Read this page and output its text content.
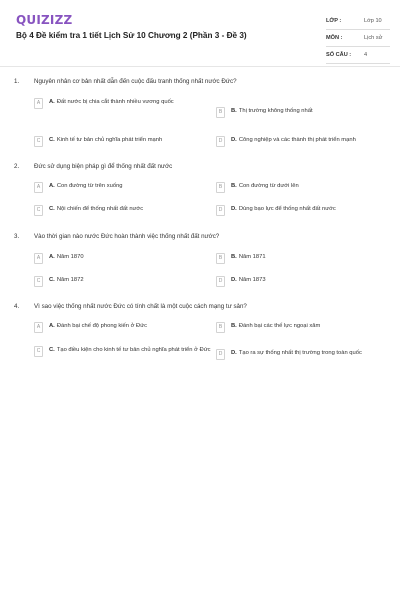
QUIZIZZ
Bộ 4 Đề kiểm tra 1 tiết Lịch Sử 10 Chương 2 (Phần 3 - Đề 3)
LỚP :	Lớp 10
MÔN :	Lịch sử
SỐ CÂU : 4
1. Nguyên nhân cơ bản nhất dẫn đến cuộc đấu tranh thống nhất nước Đức?
A	A. Đất nước bị chia cắt thành nhiều vương quốc
B	B. Thị trường không thống nhất
C	C. Kinh tế tư bản chủ nghĩa phát triển mạnh	D	D. Công nghiệp và các thành thị phát triển mạnh
2. Đức sử dụng biện pháp gì để thống nhất đất nước
A	A. Con đường từ trên xuống	B	B. Con đường từ dưới lên
C	C. Nội chiến để thống nhất đất nước	D	D. Dùng bạo lực để thống nhất đất nước
3. Vào thời gian nào nước Đức hoàn thành việc thống nhất đất nước?
A	A. Năm 1870	B	B. Năm 1871
C	C. Năm 1872	D	D. Năm 1873
4. Vì sao việc thống nhất nước Đức có tính chất là một cuộc cách mạng tư sản?
A	A. Đánh bại chế độ phong kiến ở Đức	B	B. Đánh bại các thế lực ngoại xâm
C	C. Tạo điều kiện cho kinh tế tư bản chủ nghĩa phát triển ở Đức
D	D. Tạo ra sự thống nhất thị trường trong toàn quốc
